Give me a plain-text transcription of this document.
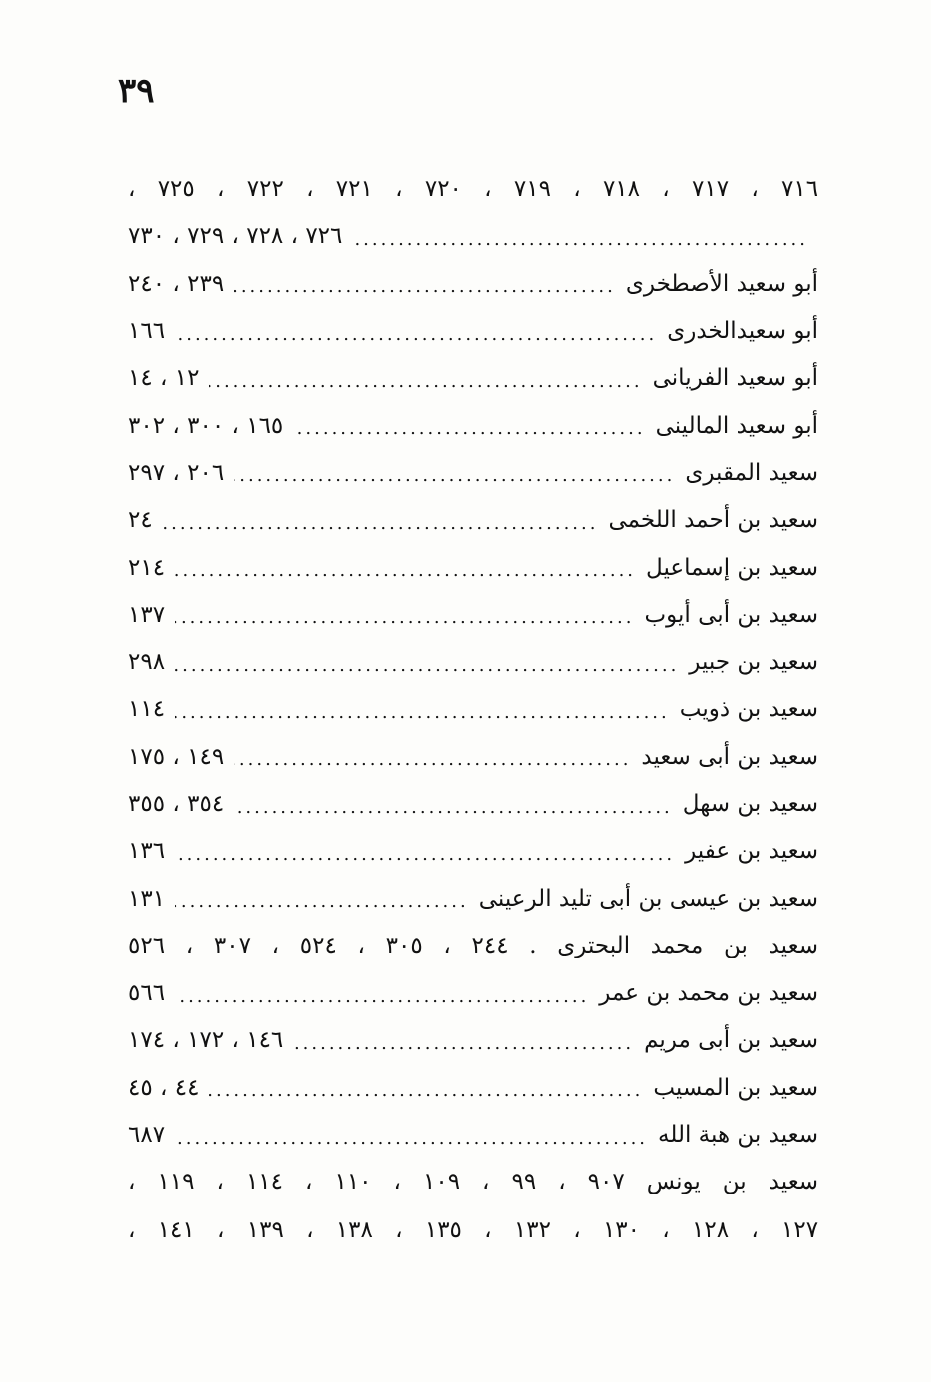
٣٩
٧١٦ ، ٧١٧ ، ٧١٨ ، ٧١٩ ، ٧٢٠ ، ٧٢١ ، ٧٢٢ ، ٧٢٥ ،
.....
٧٢٦ ، ٧٢٨ ، ٧٢٩ ، ٧٣٠
أبو سعيد الأصطخرى
.....
٢٣٩ ، ٢٤٠
أبو سعيدالخدرى
.....
١٦٦
أبو سعيد الفريانى
.....
١٢ ، ١٤
أبو سعيد المالينى
.....
١٦٥ ، ٣٠٠ ، ٣٠٢
سعيد المقبرى
.....
٢٠٦ ، ٢٩٧
سعيد بن أحمد اللخمى
.....
٢٤
سعيد بن إسماعيل
.....
٢١٤
سعيد بن أبى أيوب
.....
١٣٧
سعيد بن جبير
.....
٢٩٨
سعيد بن ذويب
.....
١١٤
سعيد بن أبى سعيد
.....
١٤٩ ، ١٧٥
سعيد بن سهل
.....
٣٥٤ ، ٣٥٥
سعيد بن عفير
.....
١٣٦
سعيد بن عيسى بن أبى تليد الرعينى
.....
١٣١
سعيد بن محمد البحترى . ٢٤٤ ، ٣٠٥ ، ٥٢٤ ، ٣٠٧ ، ٥٢٦
سعيد بن محمد بن عمر
.....
٥٦٦
سعيد بن أبى مريم
.....
١٤٦ ، ١٧٢ ، ١٧٤
سعيد بن المسيب
.....
٤٤ ، ٤٥
سعيد بن هبة الله
.....
٦٨٧
سعيد بن يونس ٩٠٧ ، ٩٩ ، ١٠٩ ، ١١٠ ، ١١٤ ، ١١٩ ،
١٢٧ ، ١٢٨ ، ١٣٠ ، ١٣٢ ، ١٣٥ ، ١٣٨ ، ١٣٩ ، ١٤١ ،
